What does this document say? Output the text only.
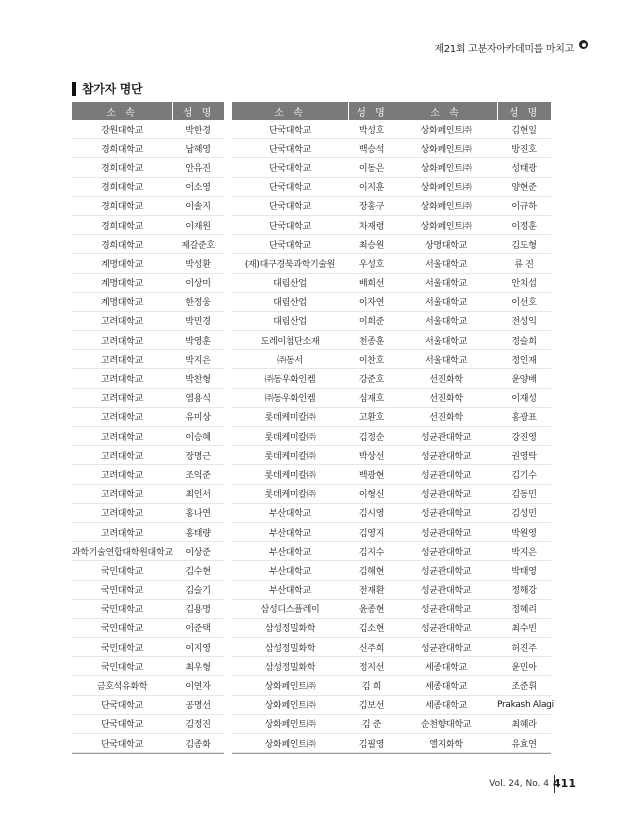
제21회 고분자아카데미를 마치고
참가자 명단
소 속	성 명
강원대학교	박한경
경희대학교	남혜영
경희대학교	안유진
경희대학교	이소영
경희대학교	이솔지
경희대학교	이재원
경희대학교	제갈준호
계명대학교	박성환
계명대학교	이상미
계명대학교	한정웅
고려대학교	박민경
고려대학교	박영훈
고려대학교	박지은
고려대학교	박찬형
고려대학교	염용식
고려대학교	유미상
고려대학교	이승혜
고려대학교	장명근
고려대학교	조익준
고려대학교	최인서
고려대학교	홍나연
고려대학교	홍태량
과학기술연합대학원대학교	이상준
국민대학교	김수현
국민대학교	김슬기
국민대학교	김용명
국민대학교	이준택
국민대학교	이지영
국민대학교	최우형
금호석유화학	이연자
단국대학교	공명선
단국대학교	김정진
단국대학교	김종화
소 속	성 명
단국대학교	박성호
단국대학교	백승석
단국대학교	이동은
단국대학교	이지훈
단국대학교	장홍구
단국대학교	차재령
단국대학교	최승원
(재)대구경북과학기술원	우성호
대림산업	배희선
대림산업	이자연
대림산업	이희준
도레이첨단소재	천종훈
㈜동서	이찬호
㈜동우화인켐	강준호
㈜동우화인켐	심재호
롯데케미칼㈜	고환호
롯데케미칼㈜	김정순
롯데케미칼㈜	박상선
롯데케미칼㈜	백광현
롯데케미칼㈜	이형신
부산대학교	김시영
부산대학교	김영지
부산대학교	김지수
부산대학교	김해현
부산대학교	전재환
삼성디스플레이	윤종현
삼성정밀화학	김소현
삼성정밀화학	신주희
삼성정밀화학	정지선
상화페인트㈜	김 희
상화페인트㈜	김보선
상화페인트㈜	김 준
상화페인트㈜	김필영
소 속	성 명
상화페인트㈜	김현일
상화페인트㈜	방진호
상화페인트㈜	성태광
상화페인트㈜	양현준
상화페인트㈜	이규하
상화페인트㈜	이정훈
상명대학교	김도형
서울대학교	류 진
서울대학교	안치섭
서울대학교	이선호
서울대학교	전성익
서울대학교	정슬희
서울대학교	정인재
선진화학	윤양배
선진화학	이재성
선진화학	홍광표
성균관대학교	강진영
성균관대학교	권영탁
성균관대학교	김기수
성균관대학교	김동민
성균관대학교	김성민
성균관대학교	박원영
성균관대학교	박지은
성균관대학교	박태영
성균관대학교	정해강
성균관대학교	정혜리
성균관대학교	최수빈
성균관대학교	허진주
세종대학교	윤민아
세종대학교	조준휘
세종대학교	Prakash Alagi
순천향대학교	최혜라
엘지화학	유효연
Vol. 24, No. 4 411
